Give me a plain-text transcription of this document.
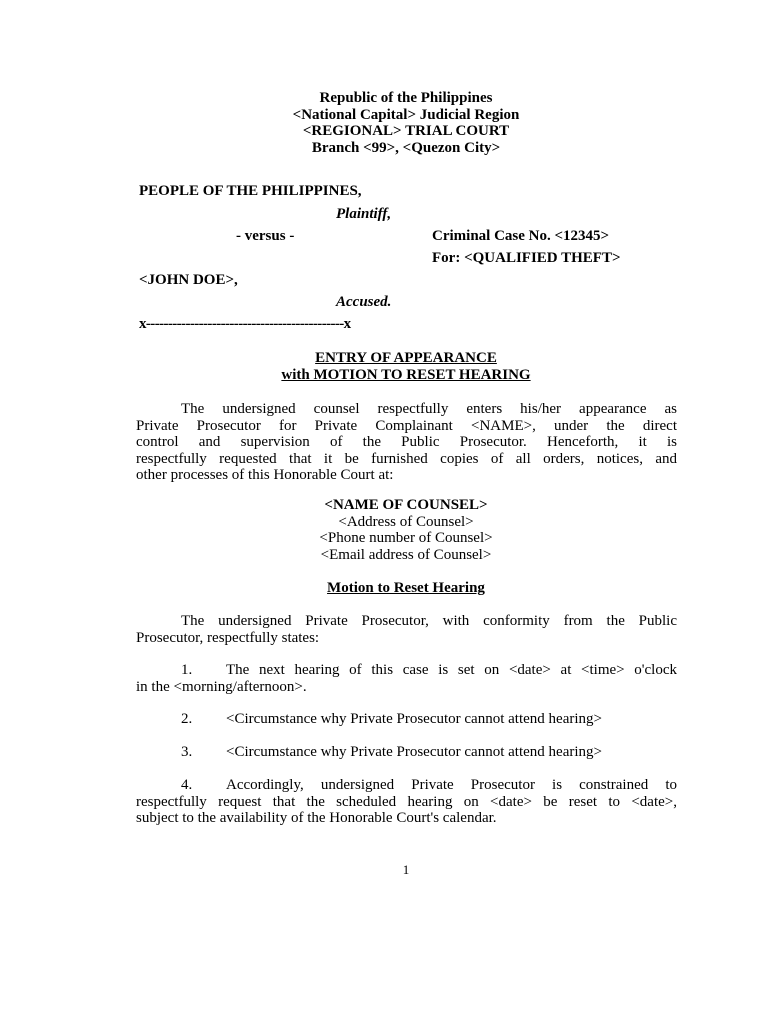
Republic of the Philippines
<National Capital> Judicial Region
<REGIONAL> TRIAL COURT
Branch <99>, <Quezon City>
PEOPLE OF THE PHILIPPINES,
Plaintiff,
- versus -	Criminal Case No. <12345>
For: <QUALIFIED THEFT>
<JOHN DOE>,
Accused.
x---------------------------------------------x
ENTRY OF APPEARANCE
with MOTION TO RESET HEARING
The undersigned counsel respectfully enters his/her appearance as
Private Prosecutor for Private Complainant <NAME>, under the direct
control and supervision of the Public Prosecutor. Henceforth, it is
respectfully requested that it be furnished copies of all orders, notices, and
other processes of this Honorable Court at:
<NAME OF COUNSEL>
<Address of Counsel>
<Phone number of Counsel>
<Email address of Counsel>
Motion to Reset Hearing
The undersigned Private Prosecutor, with conformity from the Public
Prosecutor, respectfully states:
1. The next hearing of this case is set on <date> at <time> o'clock
in the <morning/afternoon>.
2. <Circumstance why Private Prosecutor cannot attend hearing>
3. <Circumstance why Private Prosecutor cannot attend hearing>
4. Accordingly, undersigned Private Prosecutor is constrained to
respectfully request that the scheduled hearing on <date> be reset to <date>,
subject to the availability of the Honorable Court's calendar.
1
